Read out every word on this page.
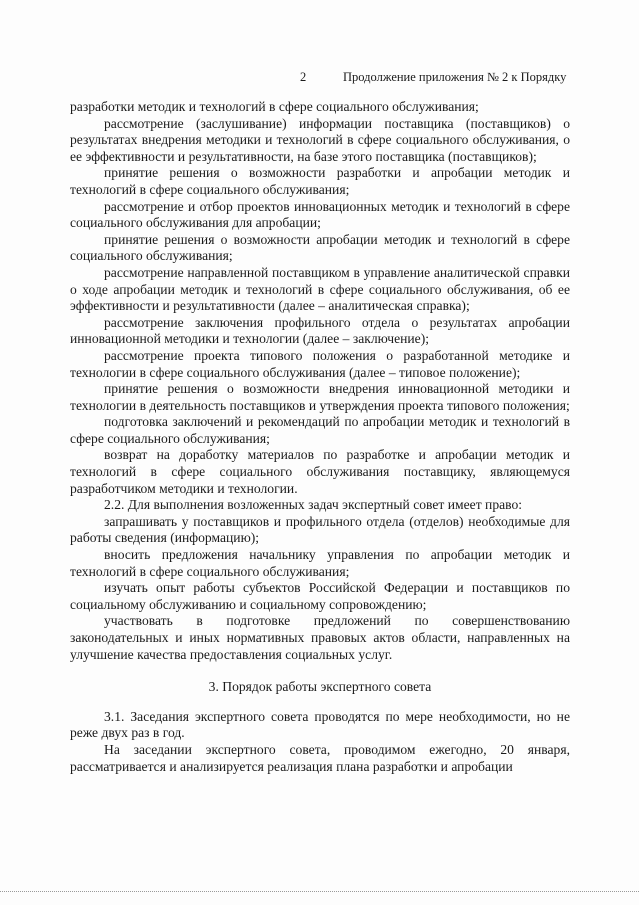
2	Продолжение приложения № 2 к Порядку

разработки методик и технологий в сфере социального обслуживания;

рассмотрение (заслушивание) информации поставщика (поставщиков) о результатах внедрения методики и технологий в сфере социального обслуживания, о ее эффективности и результативности, на базе этого поставщика (поставщиков);

принятие решения о возможности разработки и апробации методик и технологий в сфере социального обслуживания;

рассмотрение и отбор проектов инновационных методик и технологий в сфере социального обслуживания для апробации;

принятие решения о возможности апробации методик и технологий в сфере социального обслуживания;

рассмотрение направленной поставщиком в управление аналитической справки о ходе апробации методик и технологий в сфере социального обслуживания, об ее эффективности и результативности (далее – аналитическая справка);

рассмотрение заключения профильного отдела о результатах апробации инновационной методики и технологии (далее – заключение);

рассмотрение проекта типового положения о разработанной методике и технологии в сфере социального обслуживания (далее – типовое положение);

принятие решения о возможности внедрения инновационной методики и технологии в деятельность поставщиков и утверждения проекта типового положения;

подготовка заключений и рекомендаций по апробации методик и технологий в сфере социального обслуживания;

возврат на доработку материалов по разработке и апробации методик и технологий в сфере социального обслуживания поставщику, являющемуся разработчиком методики и технологии.

2.2. Для выполнения возложенных задач экспертный совет имеет право:

запрашивать у поставщиков и профильного отдела (отделов) необходимые для работы сведения (информацию);

вносить предложения начальнику управления по апробации методик и технологий в сфере социального обслуживания;

изучать опыт работы субъектов Российской Федерации и поставщиков по социальному обслуживанию и социальному сопровождению;

участвовать в подготовке предложений по совершенствованию законодательных и иных нормативных правовых актов области, направленных на улучшение качества предоставления социальных услуг.

3. Порядок работы экспертного совета

3.1. Заседания экспертного совета проводятся по мере необходимости, но не реже двух раз в год.

На заседании экспертного совета, проводимом ежегодно, 20 января, рассматривается и анализируется реализация плана разработки и апробации
